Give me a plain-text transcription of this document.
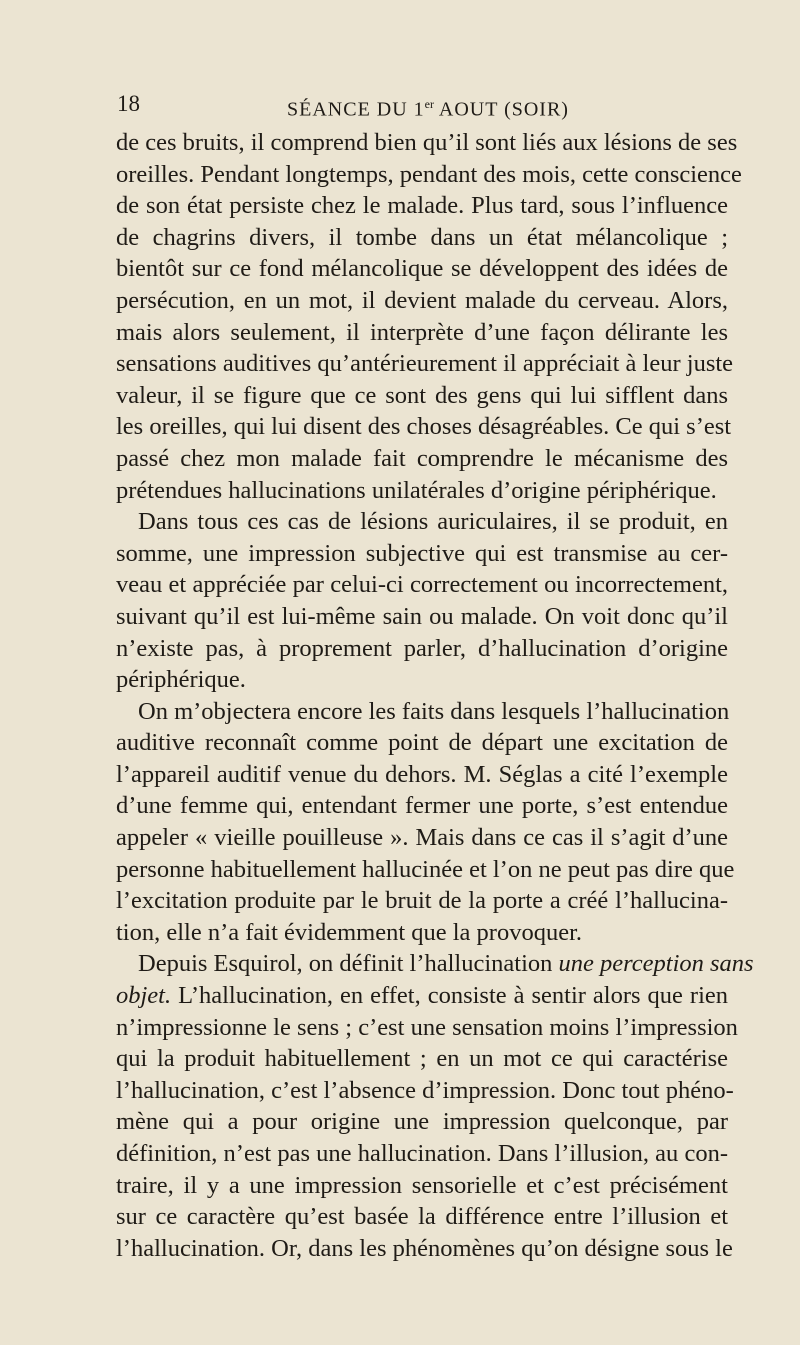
18	SÉANCE DU 1er AOUT (SOIR)
de ces bruits, il comprend bien qu’il sont liés aux lésions de ses
oreilles. Pendant longtemps, pendant des mois, cette conscience
de son état persiste chez le malade. Plus tard, sous l’influence
de chagrins divers, il tombe dans un état mélancolique ;
bientôt sur ce fond mélancolique se développent des idées de
persécution, en un mot, il devient malade du cerveau. Alors,
mais alors seulement, il interprète d’une façon délirante les
sensations auditives qu’antérieurement il appréciait à leur juste
valeur, il se figure que ce sont des gens qui lui sifflent dans
les oreilles, qui lui disent des choses désagréables. Ce qui s’est
passé chez mon malade fait comprendre le mécanisme des
prétendues hallucinations unilatérales d’origine périphérique.
Dans tous ces cas de lésions auriculaires, il se produit, en
somme, une impression subjective qui est transmise au cer-
veau et appréciée par celui-ci correctement ou incorrectement,
suivant qu’il est lui-même sain ou malade. On voit donc qu’il
n’existe pas, à proprement parler, d’hallucination d’origine
périphérique.
On m’objectera encore les faits dans lesquels l’hallucination
auditive reconnaît comme point de départ une excitation de
l’appareil auditif venue du dehors. M. Séglas a cité l’exemple
d’une femme qui, entendant fermer une porte, s’est entendue
appeler « vieille pouilleuse ». Mais dans ce cas il s’agit d’une
personne habituellement hallucinée et l’on ne peut pas dire que
l’excitation produite par le bruit de la porte a créé l’hallucina-
tion, elle n’a fait évidemment que la provoquer.
Depuis Esquirol, on définit l’hallucination une perception sans
objet. L’hallucination, en effet, consiste à sentir alors que rien
n’impressionne le sens ; c’est une sensation moins l’impression
qui la produit habituellement ; en un mot ce qui caractérise
l’hallucination, c’est l’absence d’impression. Donc tout phéno-
mène qui a pour origine une impression quelconque, par
définition, n’est pas une hallucination. Dans l’illusion, au con-
traire, il y a une impression sensorielle et c’est précisément
sur ce caractère qu’est basée la différence entre l’illusion et
l’hallucination. Or, dans les phénomènes qu’on désigne sous le
